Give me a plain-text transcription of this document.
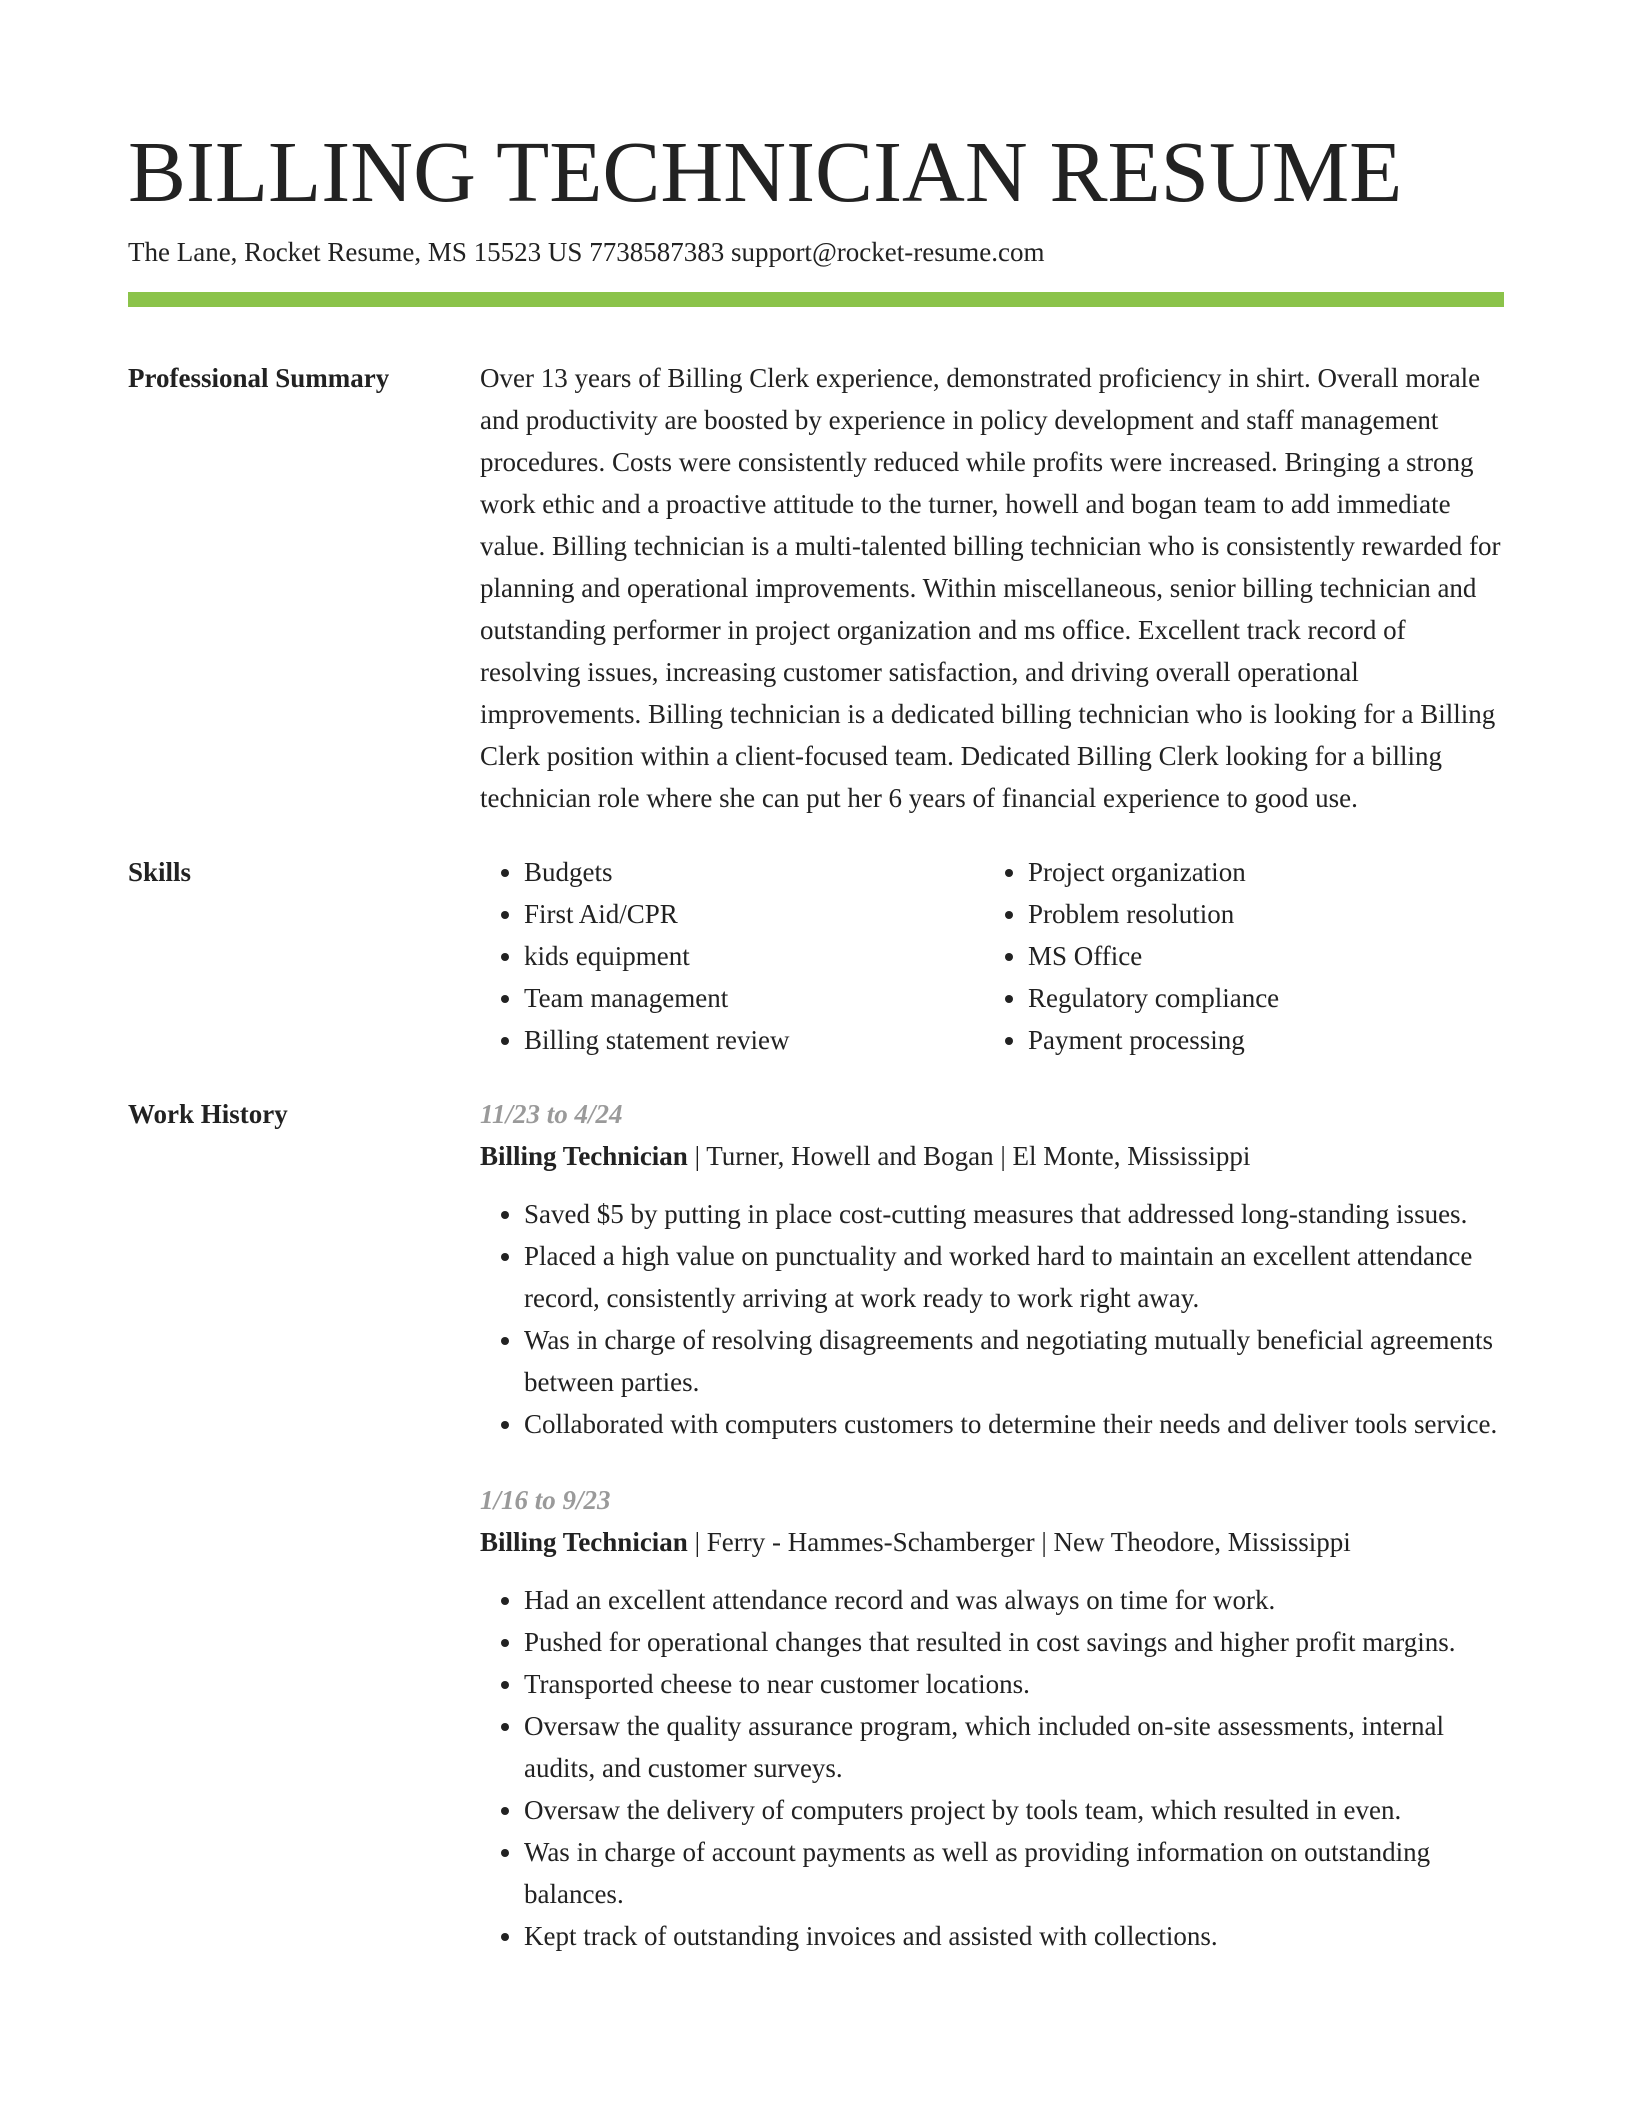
BILLING TECHNICIAN RESUME
The Lane, Rocket Resume, MS 15523 US 7738587383 support@rocket-resume.com
Professional Summary	Over 13 years of Billing Clerk experience, demonstrated proficiency in shirt. Overall morale and productivity are boosted by experience in policy development and staff management procedures. Costs were consistently reduced while profits were increased. Bringing a strong work ethic and a proactive attitude to the turner, howell and bogan team to add immediate value. Billing technician is a multi-talented billing technician who is consistently rewarded for planning and operational improvements. Within miscellaneous, senior billing technician and outstanding performer in project organization and ms office. Excellent track record of resolving issues, increasing customer satisfaction, and driving overall operational improvements. Billing technician is a dedicated billing technician who is looking for a Billing Clerk position within a client-focused team. Dedicated Billing Clerk looking for a billing technician role where she can put her 6 years of financial experience to good use.
Skills
•	Budgets
• First Aid/CPR
• kids equipment
• Team management
• Billing statement review
• Project organization
• Problem resolution
• MS Office
• Regulatory compliance
• Payment processing
Work History	11/23 to 4/24
Billing Technician | Turner, Howell and Bogan | El Monte, Mississippi
• Saved $5 by putting in place cost-cutting measures that addressed long-standing issues.
• Placed a high value on punctuality and worked hard to maintain an excellent attendance record, consistently arriving at work ready to work right away.
• Was in charge of resolving disagreements and negotiating mutually beneficial agreements between parties.
• Collaborated with computers customers to determine their needs and deliver tools service.
1/16 to 9/23
Billing Technician | Ferry - Hammes-Schamberger | New Theodore, Mississippi
• Had an excellent attendance record and was always on time for work.
• Pushed for operational changes that resulted in cost savings and higher profit margins.
• Transported cheese to near customer locations.
• Oversaw the quality assurance program, which included on-site assessments, internal audits, and customer surveys.
• Oversaw the delivery of computers project by tools team, which resulted in even.
• Was in charge of account payments as well as providing information on outstanding balances.
• Kept track of outstanding invoices and assisted with collections.
